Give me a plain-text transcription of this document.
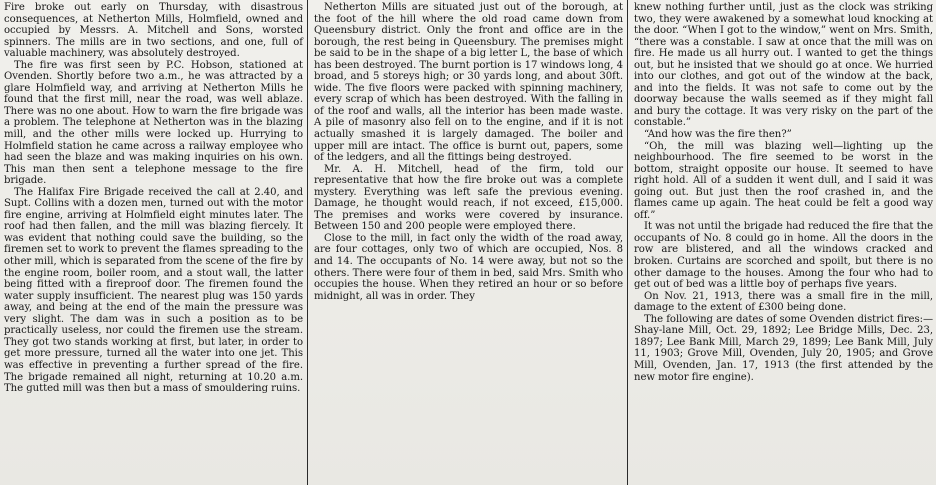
Fire broke out early on Thursday, with disastrous consequences, at Netherton Mills, Holmfield, owned and occupied by Messrs. A. Mitchell and Sons, worsted spinners. The mills are in two sections, and one, full of valuable machinery, was absolutely destroyed.

The fire was first seen by P.C. Hobson, stationed at Ovenden. Shortly before two a.m., he was attracted by a glare Holmfield way, and arriving at Netherton Mills he found that the first mill, near the road, was well ablaze. There was no one about. How to warn the fire brigade was a problem. The telephone at Netherton was in the blazing mill, and the other mills were locked up. Hurrying to Holmfield station he came across a railway employee who had seen the blaze and was making inquiries on his own. This man then sent a telephone message to the fire brigade.

The Halifax Fire Brigade received the call at 2.40, and Supt. Collins with a dozen men, turned out with the motor fire engine, arriving at Holmfield eight minutes later. The roof had then fallen, and the mill was blazing fiercely. It was evident that nothing could save the building, so the firemen set to work to prevent the flames spreading to the other mill, which is separated from the scene of the fire by the engine room, boiler room, and a stout wall, the latter being fitted with a fireproof door. The firemen found the water supply insufficient. The nearest plug was 150 yards away, and being at the end of the main the pressure was very slight. The dam was in such a position as to be practically useless, nor could the firemen use the stream. They got two stands working at first, but later, in order to get more pressure, turned all the water into one jet. This was effective in preventing a further spread of the fire. The brigade remained all night, returning at 10.20 a.m. The gutted mill was then but a mass of smouldering ruins.

Netherton Mills are situated just out of the borough, at the foot of the hill where the old road came down from Queensbury district. Only the front and office are in the borough, the rest being in Queensbury. The premises might be said to be in the shape of a big letter L, the base of which has been destroyed. The burnt portion is 17 windows long, 4 broad, and 5 storeys high; or 30 yards long, and about 30ft. wide. The five floors were packed with spinning machinery, every scrap of which has been destroyed. With the falling in of the roof and walls, all the interior has been made waste. A pile of masonry also fell on to the engine, and if it is not actually smashed it is largely damaged. The boiler and upper mill are intact. The office is burnt out, papers, some of the ledgers, and all the fittings being destroyed.

Mr. A. H. Mitchell, head of the firm, told our representative that how the fire broke out was a complete mystery. Everything was left safe the previous evening. Damage, he thought would reach, if not exceed, £15,000. The premises and works were covered by insurance. Between 150 and 200 people were employed there.

Close to the mill, in fact only the width of the road away, are four cottages, only two of which are occupied, Nos. 8 and 14. The occupants of No. 14 were away, but not so the others. There were four of them in bed, said Mrs. Smith who occupies the house. When they retired an hour or so before midnight, all was in order. They

knew nothing further until, just as the clock was striking two, they were awakened by a somewhat loud knocking at the door. “When I got to the window,” went on Mrs. Smith, “there was a constable. I saw at once that the mill was on fire. He made us all hurry out. I wanted to get the things out, but he insisted that we should go at once. We hurried into our clothes, and got out of the window at the back, and into the fields. It was not safe to come out by the doorway because the walls seemed as if they might fall and bury the cottage. It was very risky on the part of the constable.”

“And how was the fire then?”

“Oh, the mill was blazing well—lighting up the neighbourhood. The fire seemed to be worst in the bottom, straight opposite our house. It seemed to have right hold. All of a sudden it went dull, and I said it was going out. But just then the roof crashed in, and the flames came up again. The heat could be felt a good way off.”

It was not until the brigade had reduced the fire that the occupants of No. 8 could go in home. All the doors in the row are blistered, and all the windows cracked and broken. Curtains are scorched and spoilt, but there is no other damage to the houses. Among the four who had to get out of bed was a little boy of perhaps five years.

On Nov. 21, 1913, there was a small fire in the mill, damage to the extent of £300 being done.

The following are dates of some Ovenden district fires:—Shay-lane Mill, Oct. 29, 1892; Lee Bridge Mills, Dec. 23, 1897; Lee Bank Mill, March 29, 1899; Lee Bank Mill, July 11, 1903; Grove Mill, Ovenden, July 20, 1905; and Grove Mill, Ovenden, Jan. 17, 1913 (the first attended by the new motor fire engine).
